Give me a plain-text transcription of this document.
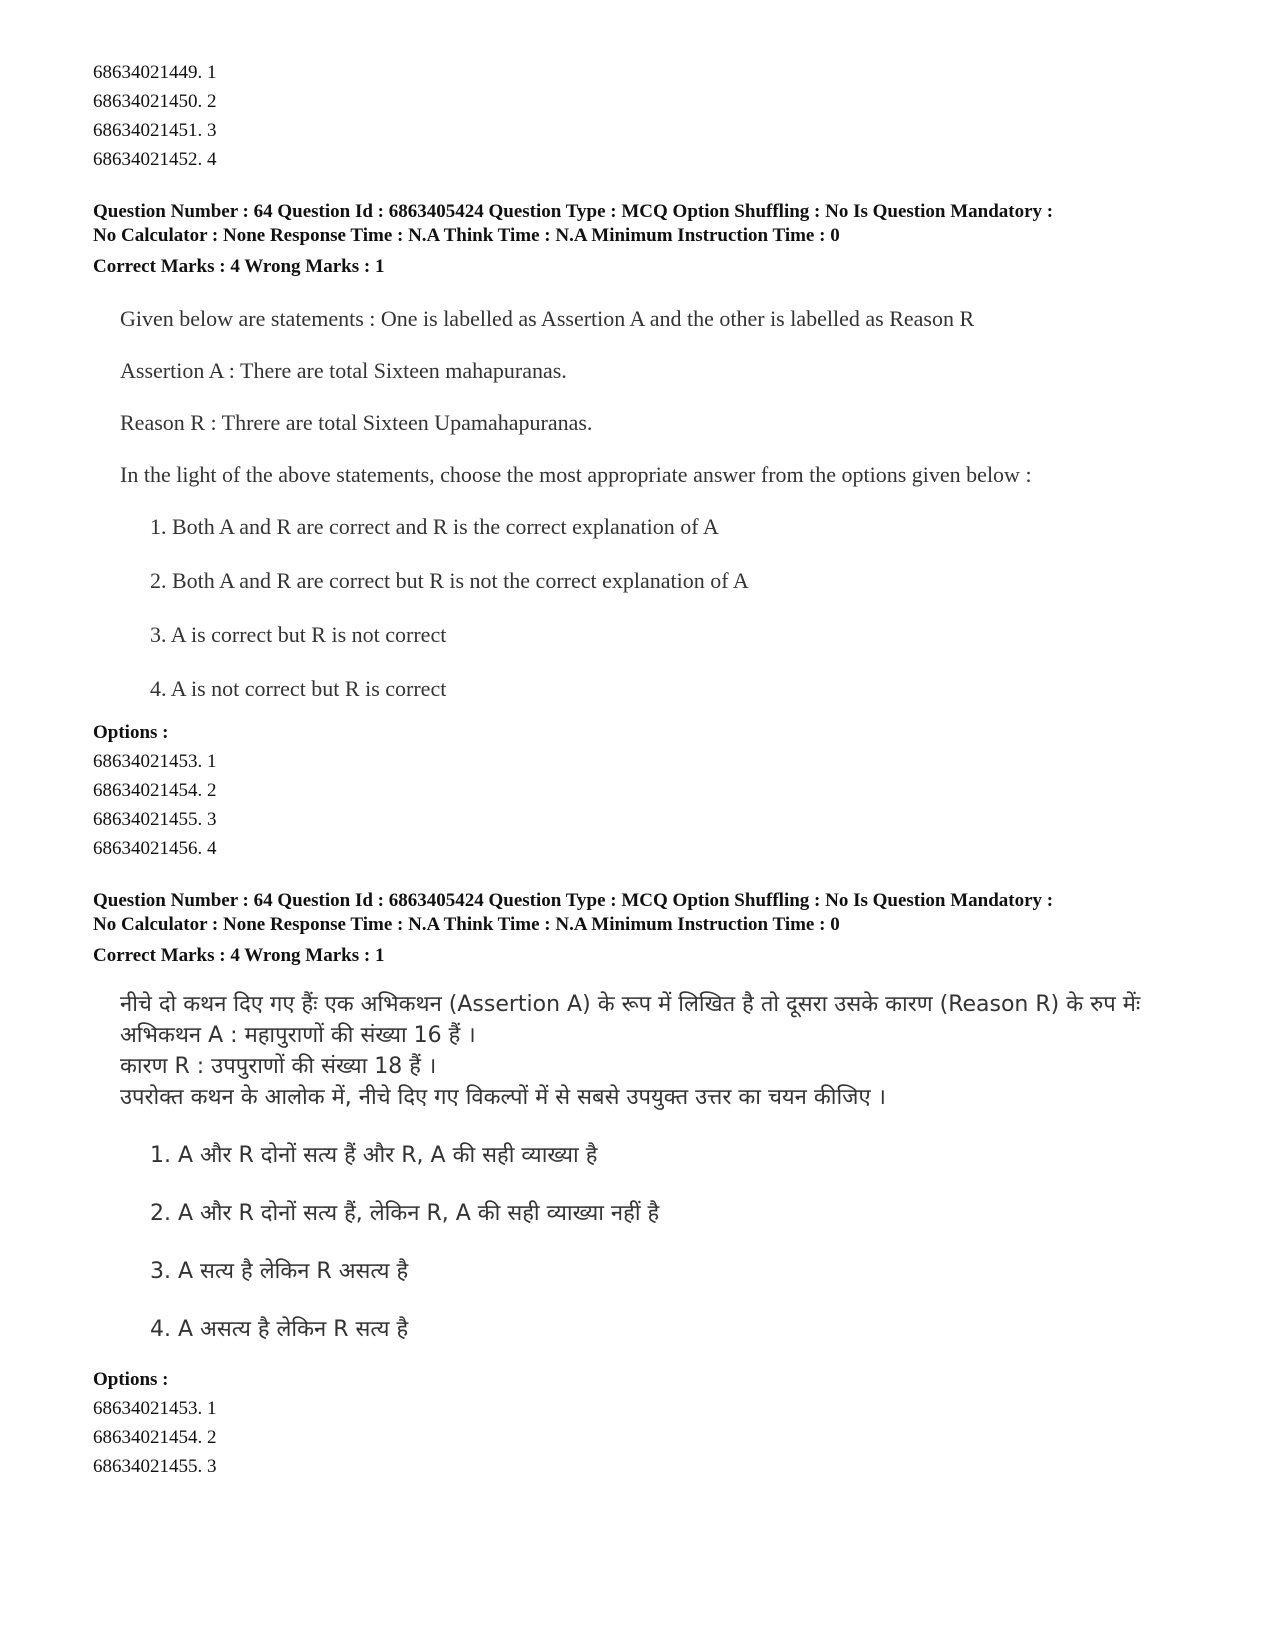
68634021449. 1

68634021450. 2

68634021451. 3

68634021452. 4

Question Number : 64 Question Id : 6863405424 Question Type : MCQ Option Shuffling : No Is Question Mandatory :

No Calculator : None Response Time : N.A Think Time : N.A Minimum Instruction Time : 0

Correct Marks : 4 Wrong Marks : 1

Given below are statements : One is labelled as Assertion A and the other is labelled as Reason R

Assertion A : There are total Sixteen mahapuranas.

Reason R : Threre are total Sixteen Upamahapuranas.

In the light of the above statements, choose the most appropriate answer from the options given below :

1. Both A and R are correct and R is the correct explanation of A

2. Both A and R are correct but R is not the correct explanation of A

3. A is correct but R is not correct

4. A is not correct but R is correct

Options :

68634021453. 1

68634021454. 2

68634021455. 3

68634021456. 4

Question Number : 64 Question Id : 6863405424 Question Type : MCQ Option Shuffling : No Is Question Mandatory :

No Calculator : None Response Time : N.A Think Time : N.A Minimum Instruction Time : 0

Correct Marks : 4 Wrong Marks : 1

नीचे दो कथन दिए गए हैंः एक अभिकथन (Assertion A) के रूप में लिखित है तो दूसरा उसके कारण (Reason R) के रुप मेंः

अभिकथन A : महापुराणों की संख्या 16 हैं ।

कारण R : उपपुराणों की संख्या 18 हैं ।

उपरोक्त कथन के आलोक में, नीचे दिए गए विकल्पों में से सबसे उपयुक्त उत्तर का चयन कीजिए ।

1. A और R दोनों सत्य हैं और R, A की सही व्याख्या है

2. A और R दोनों सत्य हैं, लेकिन R, A की सही व्याख्या नहीं है

3. A सत्य है लेकिन R असत्य है

4. A असत्य है लेकिन R सत्य है

Options :

68634021453. 1

68634021454. 2

68634021455. 3
